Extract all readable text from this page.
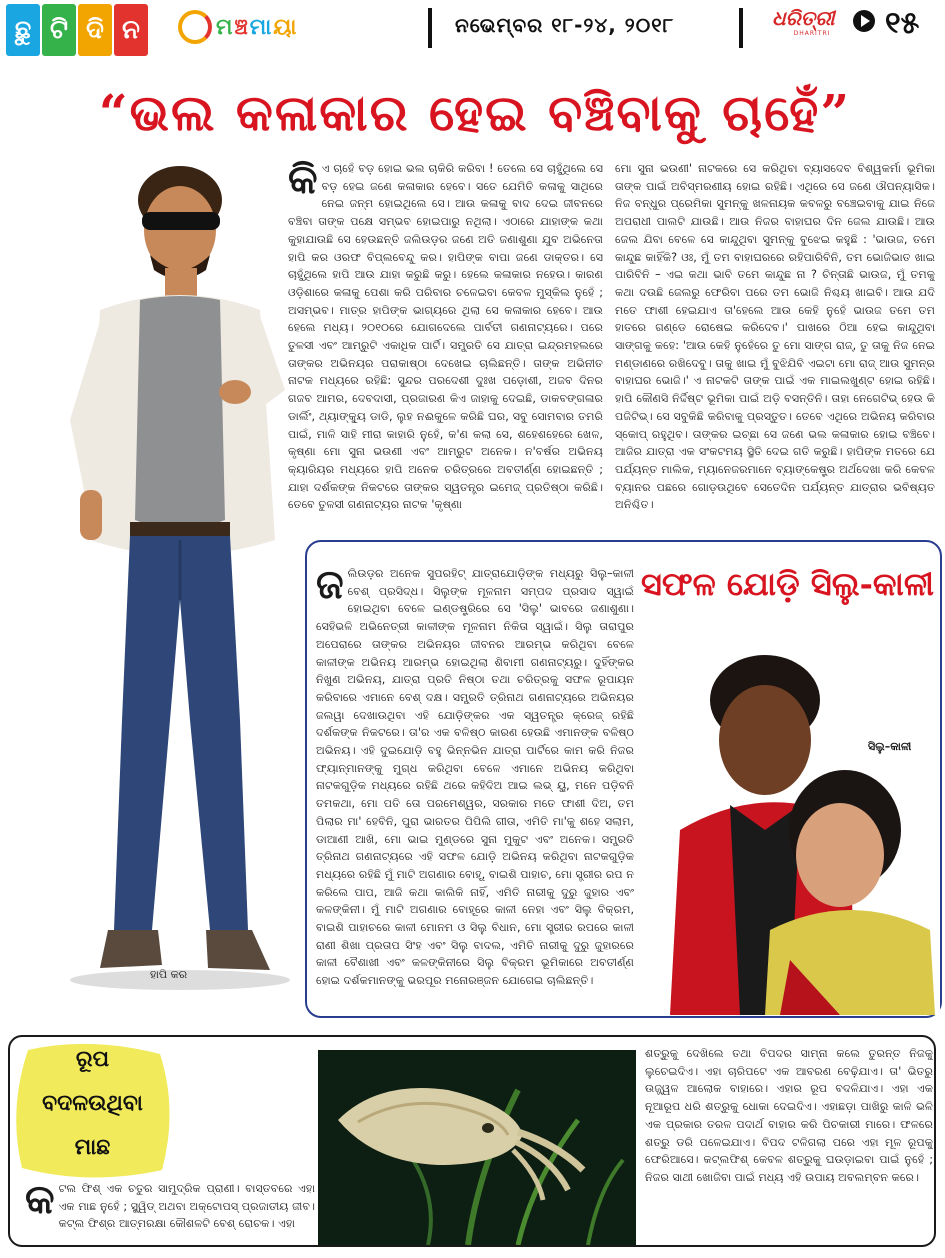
ଛୁ ଟି ଦି ନ	ମ ଞ୍ଚ ମା ୟା	ନଭେମ୍ବର ୧୮-୨୪, ୨୦୧୮	ଧରିତ୍ରୀ
DHARITRI	୧୫
“ଭଲ କଳାକାର ହେଇ ବଞ୍ଚିବାକୁ ଚାହେଁ”
ହାପି କର
କି ଏ ଚାହେଁ ବଡ଼ ହୋଇ ଭଲ ଚାକିରି କରିବା ! ତେଲେ ସେ ଚାହୁଁଥିଲେ ସେ ବଡ଼ ହେଇ ଜଣେ କଳାକାର ହେବେ। ସତେ ଯେମିତି କଳାକୁ ସାଥିରେ ନେଇ ଜନ୍ମ ହୋଇଥିଲେ ସେ। ଆଉ କଳାକୁ ବାଦ ଦେଇ ଜୀବନରେ ବଞ୍ଚିବା ତାଙ୍କ ପକ୍ଷେ ସମ୍ଭବ ହୋଇପାରୁ ନଥିଲା। ଏଠାରେ ଯାହାଙ୍କ କଥା କୁହାଯାଉଛି ସେ ହେଉଛନ୍ତି ଜଲିଉଡ଼ର ଜଣେ ଅତି ଜଣାଶୁଣା ଯୁବ ଅଭିନେତା ହାପି କର ଓରଫ ବିପ୍ଲବେନ୍ଦୁ କର। ହାପିଙ୍କ ବାପା ଜଣେ ଡାକ୍ତର। ସେ ଚାହୁଁଥିଲେ ହାପି ଆଉ ଯାହା କରୁଛି କରୁ। ହେଲେ କଳାକାର ନହେଉ। କାରଣ ଓଡ଼ିଶାରେ କଳାକୁ ପେଶା କରି ପରିବାର ଚଳେଇବା କେବଳ ମୁସ୍କିଲ ନୁହେଁ ; ଅସମ୍ଭବ। ମାତ୍ର ହାପିଙ୍କ ଭାଗ୍ୟରେ ଥିଲା ସେ କଳାକାର ହେବେ। ଆଉ ହେଲେ ମଧ୍ୟ। ୨୦୧୦ରେ ଯୋଗଦେଲେ ପାର୍ବତୀ ଗଣନାଟ୍ୟରେ। ପରେ ତୁଳସୀ ଏବଂ ଆମ୍ରୁଟି ଏକାଧିକ ପାର୍ଟି। ସମ୍ପ୍ରତି ସେ ଯାତ୍ରା ଇନ୍ଦ୍ରମହଲରେ ତାଙ୍କର ଅଭିନୟର ପରାକାଷ୍ଠା ଦେଖେଇ ଚାଲିଛନ୍ତି। ତାଙ୍କ ଅଭିନୀତ ନାଟକ ମଧ୍ୟରେ ରହିଛି: ସୁନ୍ଦର ପରଦେଶୀ ଦୁଃଖ ପଡ଼ୋଶୀ, ଅଜବ ଦିନର ଗଜବ ଆମର, ଦେବଦାସୀ, ପ୍ରଜାରଣ କିଏ ଜାହାକୁ ଦେଇଛି, ଡାକବଙ୍ଗଳାର ଡାର୍ଲିଂ, ଥ୍ୟାଙ୍କ୍ୟୁ ଡାଡି, ଲୁହ ନଈକୁଳେ କରିଛି ଘର, ସବୁ ସୋମବାର ତମରି ପାଇଁ, ମାଳି ସାହି ମୀରା କାହାରି ନୁହେଁ, କ'ଣ କଲା ସେ, ଶହେଶହେରେ ଖେଳ, କୃଷ୍ଣା ମୋ ସୁନା ଭଉଣୀ ଏବଂ ଆମ୍ରୁଟ ଅନେକ। ନ'ବର୍ଷର ଅଭିନୟ କ୍ୟାରିୟର ମଧ୍ୟରେ ହାପି ଅନେକ ଚରିତ୍ରରେ ଅବତୀର୍ଣ୍ଣ ହୋଇଛନ୍ତି ; ଯାହା ଦର୍ଶକଙ୍କ ନିକଟରେ ତାଙ୍କର ସ୍ୱତନ୍ତ୍ର ଇମେଜ୍ ପ୍ରତିଷ୍ଠା କରିଛି। ତେବେ ତୁଳସୀ ଗଣନାଟ୍ୟର ନାଟକ 'କୃଷ୍ଣା
ମୋ ସୁନା ଭଉଣୀ' ନାଟକରେ ସେ କରିଥିବା ବ୍ୟାସଦେବ ବିଶ୍ୱକର୍ମା ଭୂମିକା ତାଙ୍କ ପାଇଁ ଅବିସ୍ମରଣୀୟ ହୋଇ ରହିଛି। ଏଥିରେ ସେ ଜଣେ ଔପନ୍ୟାସିକ। ନିଜ ବନ୍ଧୁର ପ୍ରେମିକା ସୁମନ୍କୁ ଖଳନାୟକ କବଳରୁ ବଞ୍ଚେଇବାକୁ ଯାଇ ନିଜେ ଅପରାଧୀ ପାଲଟି ଯାଉଛି। ଆଉ ନିଜର ବାହାଘର ଦିନ ଜେଲ ଯାଉଛି। ଆଉ ଜେଲ ଯିବା ବେଳେ ସେ କାନ୍ଦୁଥିବା ସୁମନ୍କୁ ବୁଝେଇ କହୁଛି : 'ଭାଉଜ, ତମେ କାନ୍ଦୁଛ କାହିଁକି? ଓଃ, ମୁଁ ତମ ବାହାଘରରେ ରହିପାରିବିନି, ତମ ଭୋଜିଭାତ ଖାଇ ପାରିବିନି – ଏଇ କଥା ଭାବି ତମେ କାନ୍ଦୁଛ ନା ? ଚିନ୍ତାଛି ଭାଉଜ, ମୁଁ ତମକୁ କଥା ଦଉଛି ଜେଲରୁ ଫେରିବା ପରେ ତମ ଭୋଜି ନିଶ୍ଚୟ ଖାଇବି। ଆଉ ଯଦି ମତେ ଫାଶୀ ହେଇଯାଏ ତା'ହେଲେ ଆଉ କେହି ନୁହେଁ ଭାଉଜ ତମେ ତମ ହାତରେ ଗଣ୍ଡେ ରୋଷେଇ କରିଦେବ।' ପାଖରେ ଠିଆ ହେଇ କାନ୍ଦୁଥିବା ସାଙ୍ଗକୁ କହେ: 'ଆଉ କେହି ନୁହେଁରେ ତୁ ମୋ ସାଙ୍ଗ ରାଜ୍, ତୁ ତାକୁ ନିଜ ନେଇ ମଣ୍ଡାଣରେ ରଖିଦେବୁ। ତାକୁ ଖାଇ ମୁଁ ବୁଝିଯିବି ଏଇଟା ମୋ ରାଜ୍ ଆଉ ସୁମନ୍ର ବାହାଘର ଭୋଜି।' ଏ ନାଟକଟି ତାଙ୍କ ପାଇଁ ଏକ ମାଇଲଖୁଣ୍ଟ ହୋଇ ରହିଛି। ହାପି କୌଣସି ନିର୍ଦ୍ଦିଷ୍ଟ ଭୂମିକା ପାଇଁ ଅଡ଼ି ବସନ୍ତିନି। ତାହା ନେଗେଟିଭ୍ ହେଉ କି ପଜିଟିଭ୍। ସେ ସବୁକିଛି କରିବାକୁ ପ୍ରସ୍ତୁତ। ତେବେ ଏଥିରେ ଅଭିନୟ କରିବାର ସ୍କୋପ୍ ରହୁଥିବ। ତାଙ୍କର ଇଚ୍ଛା ସେ ଜଣେ ଭଲ କଳାକାର ହୋଇ ବଞ୍ଚିବେ। ଆଜିର ଯାତ୍ରା ଏକ ସଂକଟମୟ ସ୍ଥିତି ଦେଇ ଗତି କରୁଛି। ହାପିଙ୍କ ମତରେ ଯେ ପର୍ଯ୍ୟନ୍ତ ମାଲିକ, ମ୍ୟାନେଜରମାନେ ବ୍ୟାଙ୍କେଷ୍ଟ୍ର ଅର୍ଥଦେଖା କରି କେବଳ ବ୍ୟାନର ପଛରେ ଗୋଡ଼ଉଥିବେ ସେତେଦିନ ପର୍ଯ୍ୟନ୍ତ ଯାତ୍ରାର ଭବିଷ୍ୟତ ଅନିଶ୍ଚିତ।
ଜ ଲିଉଡ଼ର ଅନେକ ସୁପରହିଟ୍ ଯାତ୍ରାଯୋଡ଼ିଙ୍କ ମଧ୍ୟରୁ ସିଲୁ–କାଳୀ ବେଶ୍ ପ୍ରସିଦ୍ଧ। ସିଲୁଙ୍କ ମୂଳନାମ ସମ୍ପଦ ପ୍ରସାଦ ସ୍ୱାଇଁ ହୋଇଥିବା ବେଳେ ଇଣ୍ଡଷ୍ଟ୍ରିରେ ସେ 'ସିଲୁ' ଭାବରେ ଜଣାଶୁଣା। ସେହିଭଳି ଅଭିନେତ୍ରୀ କାଳୀଙ୍କ ମୂଳନାମ ନିକିତା ସ୍ୱାଇଁ। ସିଲୁ ତାରାପୁର ଅପେରାରେ ତାଙ୍କର ଅଭିନୟର ଜୀବନର ଆରମ୍ଭ କରିଥିବା ବେଳେ କାଳୀଙ୍କ ଅଭିନୟ ଆରମ୍ଭ ହୋଇଥିଲା ଶିବାମୀ ଗଣନାଟ୍ୟରୁ। ଦୁହିଁଙ୍କର ନିଖୁଣ ଅଭିନୟ, ଯାତ୍ରା ପ୍ରତି ନିଷ୍ଠା ତଥା ଚରିତ୍ରକୁ ସଫଳ ରୂପାୟନ କରିବାରେ ଏମାନେ ବେଶ୍ ଦକ୍ଷ। ସମ୍ପ୍ରତି ତ୍ରିନାଥ ଗଣନାଟ୍ୟରେ ଅଭିନୟର ଜଲୱା ଦେଖାଉଥିବା ଏହି ଯୋଡ଼ିଙ୍କର ଏକ ସ୍ୱତନ୍ତ୍ର କ୍ରେଜ୍ ରହିଛି ଦର୍ଶକଙ୍କ ନିକଟରେ। ତା'ର ଏକ ବଳିଷ୍ଠ କାରଣ ହେଉଛି ଏମାନଙ୍କ ବଳିଷ୍ଠ ଅଭିନୟ। ଏହି ଦୁଇଯୋଡ଼ି ବହୁ ଭିନ୍ନଭିନ ଯାତ୍ରା ପାର୍ଟିରେ କାମ କରି ନିଜର ଫ୍ୟାନ୍ମାନଙ୍କୁ ମୁଗ୍ଧ କରିଥିବା ବେଳେ ଏମାନେ ଅଭିନୟ କରିଥିବା ନାଟକଗୁଡ଼ିକ ମଧ୍ୟରେ ରହିଛି ଥରେ କହିଦିଅ ଆଇ ଲଭ୍ ୟୁ, ମନେ ପଡ଼ିବନି ତମକଥା, ମୋ ପତି ତୋ ପରମେଶ୍ୱର, ସରକାର ମତେ ଫାଶୀ ଦିଅ, ତମ ପିଲାର ମା' ହେବିନି, ପୁରା ଭାରତର ପିପିଲି ଗୀତା, ଏମିତି ମା'କୁ ଶହେ ସଲାମ, ଡାଆଣୀ ଆଖି, ମୋ ଭାଇ ମୁଣ୍ଡରେ ସୁନା ମୁକୁଟ ଏବଂ ଅନେକ। ସମ୍ପ୍ରତି ତ୍ରିନାଥ ଗଣନାଟ୍ୟରେ ଏହି ସଫଳ ଯୋଡ଼ି ଅଭିନୟ କରିଥିବା ନାଟକଗୁଡ଼ିକ ମଧ୍ୟରେ ରହିଛି ମୁଁ ମାଟି ଅଗଣାର ବୋହୂ, ବାଇଶି ପାହାଚ, ମୋ ସ୍ତ୍ରୀର ରପ ନ କରିଲେ ପାପ, ଆଜି କଥା କାଲିକି ନାହିଁ, ଏମିତି ନାରୀକୁ ଦୁରୁ ଜୁହାର ଏବଂ କଳଙ୍କିନୀ। ମୁଁ ମାଟି ଅଗଣାର ବୋହୂରେ କାଳୀ ନେହା ଏବଂ ସିଲୁ ବିକ୍ରମ, ବାଇଶି ପାହାଚରେ କାଳୀ ମୋନମ ଓ ସିଲୁ ବିଧାନ, ମୋ ସ୍ତ୍ରୀର ରପରେ କାଳୀ ରାଣୀ ଶିଖା ପ୍ରତାପ ସିଂହ ଏବଂ ସିଲୁ ବାଦଲ, ଏମିତି ନାରୀକୁ ଦୁରୁ ଜୁହାରରେ କାଳୀ ବୈଶାଖୀ ଏବଂ କଳଙ୍କିନୀରେ ସିଲୁ ବିକ୍ରମ ଭୂମିକାରେ ଅବତୀର୍ଣ୍ଣ ହୋଇ ଦର୍ଶକମାନଙ୍କୁ ଭରପୂର ମନୋରଞ୍ଜନ ଯୋଗେଇ ଚାଲିଛନ୍ତି।
ସଫଳ ଯୋଡ଼ି ସିଲୁ-କାଳୀ
ସିଲୁ–କାଳୀ
ରୂପ
ବଦଳଉଥିବା
ମାଛ
କ ଟଲ ଫିଶ୍ ଏକ ଚତୁର ସାମୁଦ୍ରିକ ପ୍ରାଣୀ। ବାସ୍ତବରେ ଏହା ଏକ ମାଛ ନୁହେଁ ; ସ୍କ୍ୱିଡ୍ ଅଥବା ଅକ୍ଟୋପସ୍ ପ୍ରଜାତୀୟ ଜୀବ। କଟ୍ଲ ଫିଶ୍ର ଆତ୍ମରକ୍ଷା କୌଶଳଟି ବେଶ୍ ରୋଚକ। ଏହା
ଶତ୍ରୁକୁ ଦେଖିଲେ ତଥା ବିପଦର ସାମ୍ନା କଲେ ତୁରନ୍ତ ନିଜକୁ ଲୁଚେଇଦିଏ। ଏହା ଚାରିପଟେ ଏକ ଆବରଣ ବେଢ଼ିଯାଏ। ତା' ଭିତରୁ ଉଜ୍ଜ୍ୱଳ ଆଲୋକ ବାହାରେ। ଏହାର ରୂପ ବଦଳିଯାଏ। ଏହା ଏକ ନୂଆରୂପ ଧରି ଶତ୍ରୁକୁ ଧୋକା ଦେଇଦିଏ। ଏହାଛଡ଼ା ପାଖିରୁ କାଳି ଭଳି ଏକ ପ୍ରକାର ତରଳ ପଦାର୍ଥ ବାହାର କରି ପିଚକାରୀ ମାରେ। ଫଳରେ ଶତ୍ରୁ ଡରି ପଳେଇଯାଏ। ବିପଦ ଟଳିଗଲା ପରେ ଏହା ମୂଳ ରୂପକୁ ଫେରିଆସେ। କଟ୍ଲଫିଶ୍ କେବଳ ଶତ୍ରୁକୁ ଘଉଡ଼ାଇବା ପାଇଁ ନୁହେଁ ; ନିଜର ସାଥୀ ଖୋଜିବା ପାଇଁ ମଧ୍ୟ ଏହି ଉପାୟ ଅବଲମ୍ବନ କରେ।
